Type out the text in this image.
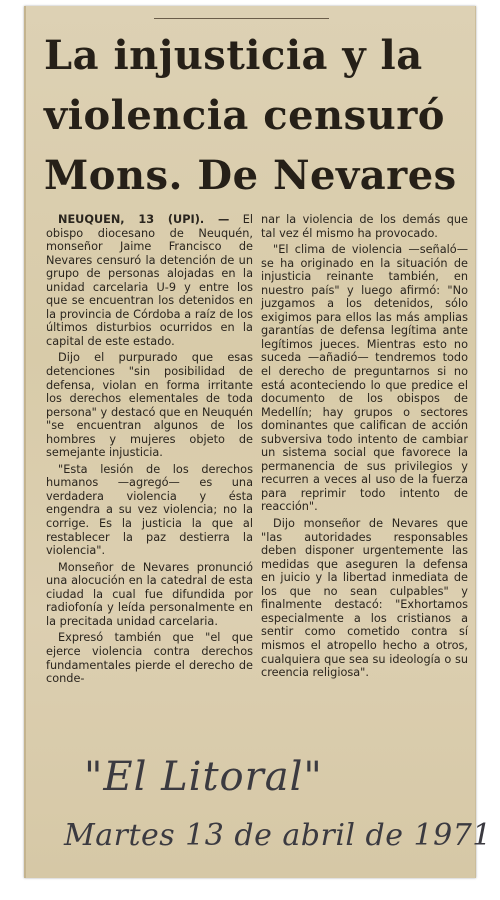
La injusticia y la
violencia censuró
Mons. De Nevares

NEUQUEN, 13 (UPI). — El obispo diocesano de Neuquén, monseñor Jaime Francisco de Nevares censuró la detención de un grupo de personas alojadas en la unidad carcelaria U-9 y entre los que se encuentran los detenidos en la provincia de Córdoba a raíz de los últimos disturbios ocurridos en la capital de este estado.

Dijo el purpurado que esas detenciones "sin posibilidad de defensa, violan en forma irritante los derechos elementales de toda persona" y destacó que en Neuquén "se encuentran algunos de los hombres y mujeres objeto de semejante injusticia.

"Esta lesión de los derechos humanos —agregó— es una verdadera violencia y ésta engendra a su vez violencia; no la corrige. Es la justicia la que al restablecer la paz destierra la violencia".

Monseñor de Nevares pronunció una alocución en la catedral de esta ciudad la cual fue difundida por radiofonía y leída personalmente en la precitada unidad carcelaria.

Expresó también que "el que ejerce violencia contra derechos fundamentales pierde el derecho de conde-

nar la violencia de los demás que tal vez él mismo ha provocado.

"El clima de violencia —señaló— se ha originado en la situación de injusticia reinante también, en nuestro país" y luego afirmó: "No juzgamos a los detenidos, sólo exigimos para ellos las más amplias garantías de defensa legítima ante legítimos jueces. Mientras esto no suceda —añadió— tendremos todo el derecho de preguntarnos si no está aconteciendo lo que predice el documento de los obispos de Medellín; hay grupos o sectores dominantes que califican de acción subversiva todo intento de cambiar un sistema social que favorece la permanencia de sus privilegios y recurren a veces al uso de la fuerza para reprimir todo intento de reacción".

Dijo monseñor de Nevares que "las autoridades responsables deben disponer urgentemente las medidas que aseguren la defensa en juicio y la libertad inmediata de los que no sean culpables" y finalmente destacó: "Exhortamos especialmente a los cristianos a sentir como cometido contra sí mismos el atropello hecho a otros, cualquiera que sea su ideología o su creencia religiosa".

"El Litoral"
Martes 13 de abril de 1971
